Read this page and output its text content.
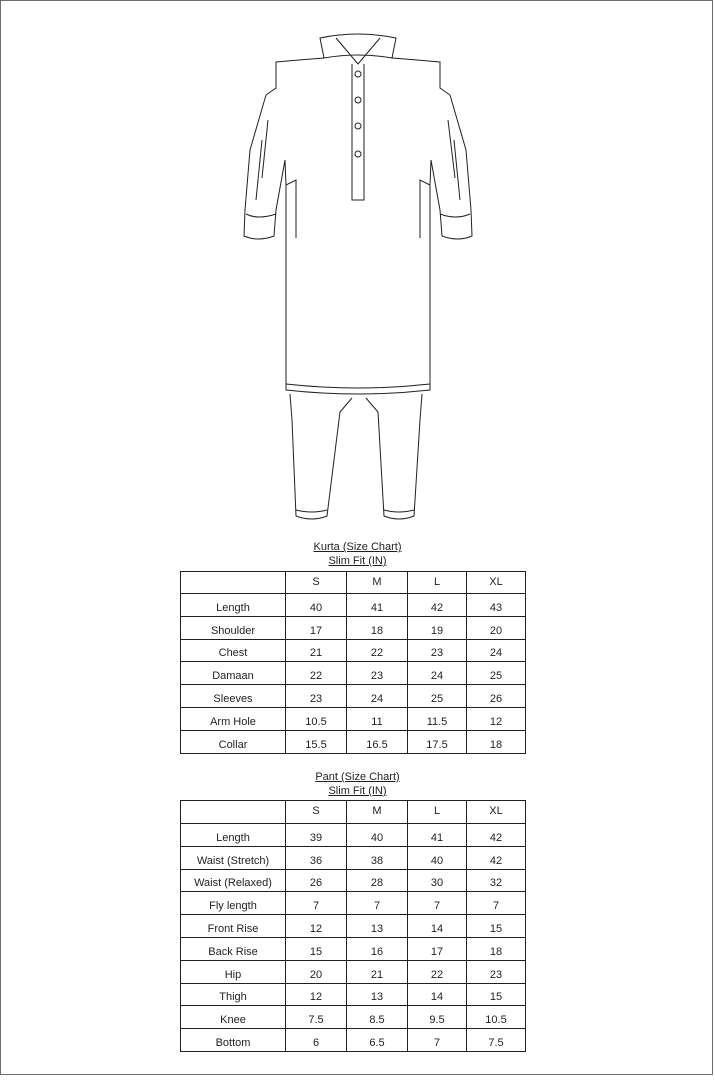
Kurta (Size Chart)
Slim Fit (IN)
	S	M	L	XL
Length	40	41	42	43
Shoulder	17	18	19	20
Chest	21	22	23	24
Damaan	22	23	24	25
Sleeves	23	24	25	26
Arm Hole	10.5	11	11.5	12
Collar	15.5	16.5	17.5	18
Pant (Size Chart)
Slim Fit (IN)
	S	M	L	XL
Length	39	40	41	42
Waist (Stretch)	36	38	40	42
Waist (Relaxed)	26	28	30	32
Fly length	7	7	7	7
Front Rise	12	13	14	15
Back Rise	15	16	17	18
Hip	20	21	22	23
Thigh	12	13	14	15
Knee	7.5	8.5	9.5	10.5
Bottom	6	6.5	7	7.5
